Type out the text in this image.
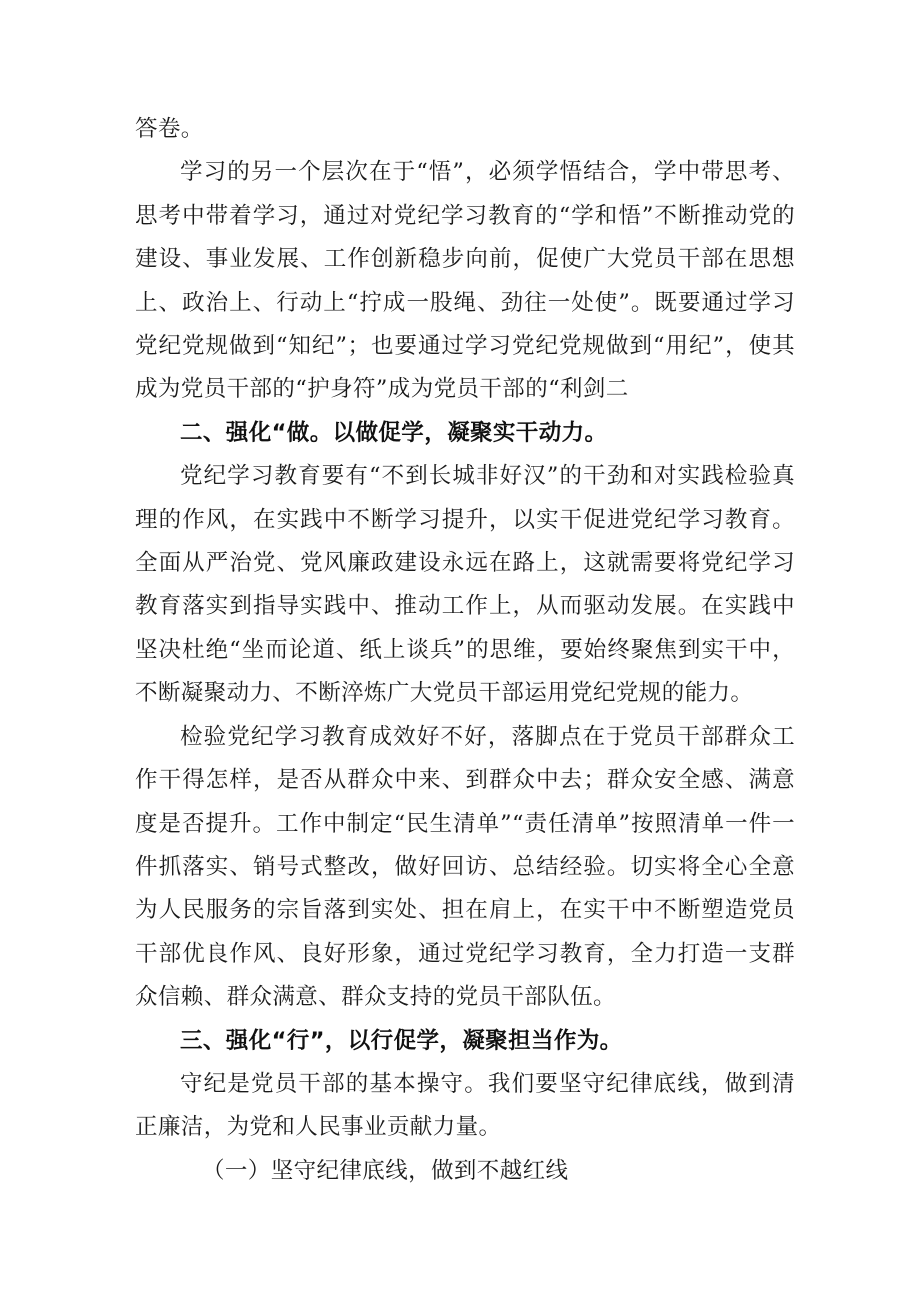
答卷。

学习的另一个层次在于“悟”，必须学悟结合，学中带思考、思考中带着学习，通过对党纪学习教育的“学和悟”不断推动党的建设、事业发展、工作创新稳步向前，促使广大党员干部在思想上、政治上、行动上“拧成一股绳、劲往一处使”。既要通过学习党纪党规做到“知纪”；也要通过学习党纪党规做到“用纪”，使其成为党员干部的“护身符”成为党员干部的“利剑二

二、强化“做。以做促学，凝聚实干动力。

党纪学习教育要有“不到长城非好汉”的干劲和对实践检验真理的作风，在实践中不断学习提升，以实干促进党纪学习教育。全面从严治党、党风廉政建设永远在路上，这就需要将党纪学习教育落实到指导实践中、推动工作上，从而驱动发展。在实践中坚决杜绝“坐而论道、纸上谈兵”的思维，要始终聚焦到实干中，不断凝聚动力、不断淬炼广大党员干部运用党纪党规的能力。

检验党纪学习教育成效好不好，落脚点在于党员干部群众工作干得怎样，是否从群众中来、到群众中去；群众安全感、满意度是否提升。工作中制定“民生清单”“责任清单”按照清单一件一件抓落实、销号式整改，做好回访、总结经验。切实将全心全意为人民服务的宗旨落到实处、担在肩上，在实干中不断塑造党员干部优良作风、良好形象，通过党纪学习教育，全力打造一支群众信赖、群众满意、群众支持的党员干部队伍。

三、强化“行”，以行促学，凝聚担当作为。

守纪是党员干部的基本操守。我们要坚守纪律底线，做到清正廉洁，为党和人民事业贡献力量。

（一）坚守纪律底线，做到不越红线
